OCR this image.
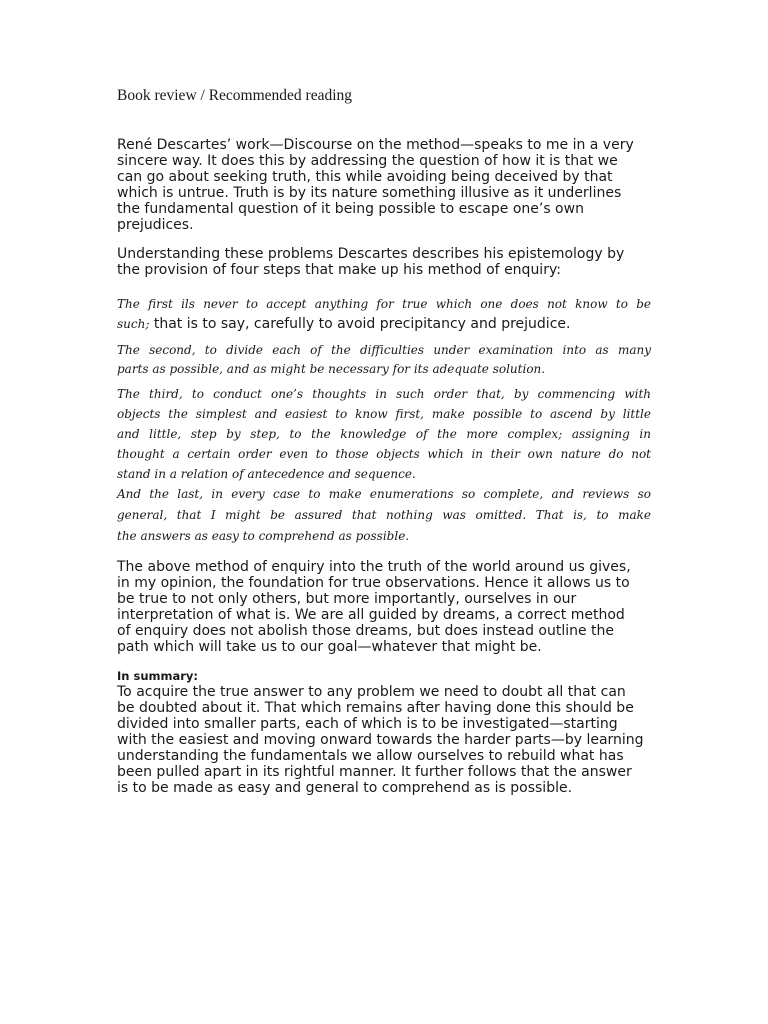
Book review / Recommended reading
René Descartes’ work—Discourse on the method—speaks to me in a very
sincere way. It does this by addressing the question of how it is that we
can go about seeking truth, this while avoiding being deceived by that
which is untrue. Truth is by its nature something illusive as it underlines
the fundamental question of it being possible to escape one’s own
prejudices.
Understanding these problems Descartes describes his epistemology by
the provision of four steps that make up his method of enquiry:
The first ils never to accept anything for true which one does not know to be
such; that is to say, carefully to avoid precipitancy and prejudice.
The second, to divide each of the difficulties under examination into as many
parts as possible, and as might be necessary for its adequate solution.
The third, to conduct one’s thoughts in such order that, by commencing with
objects the simplest and easiest to know first, make possible to ascend by little
and little, step by step, to the knowledge of the more complex; assigning in
thought a certain order even to those objects which in their own nature do not
stand in a relation of antecedence and sequence.
And the last, in every case to make enumerations so complete, and reviews so
general, that I might be assured that nothing was omitted. That is, to make
the answers as easy to comprehend as possible.
The above method of enquiry into the truth of the world around us gives,
in my opinion, the foundation for true observations. Hence it allows us to
be true to not only others, but more importantly, ourselves in our
interpretation of what is. We are all guided by dreams, a correct method
of enquiry does not abolish those dreams, but does instead outline the
path which will take us to our goal—whatever that might be.
In summary:
To acquire the true answer to any problem we need to doubt all that can
be doubted about it. That which remains after having done this should be
divided into smaller parts, each of which is to be investigated—starting
with the easiest and moving onward towards the harder parts—by learning
understanding the fundamentals we allow ourselves to rebuild what has
been pulled apart in its rightful manner. It further follows that the answer
is to be made as easy and general to comprehend as is possible.
